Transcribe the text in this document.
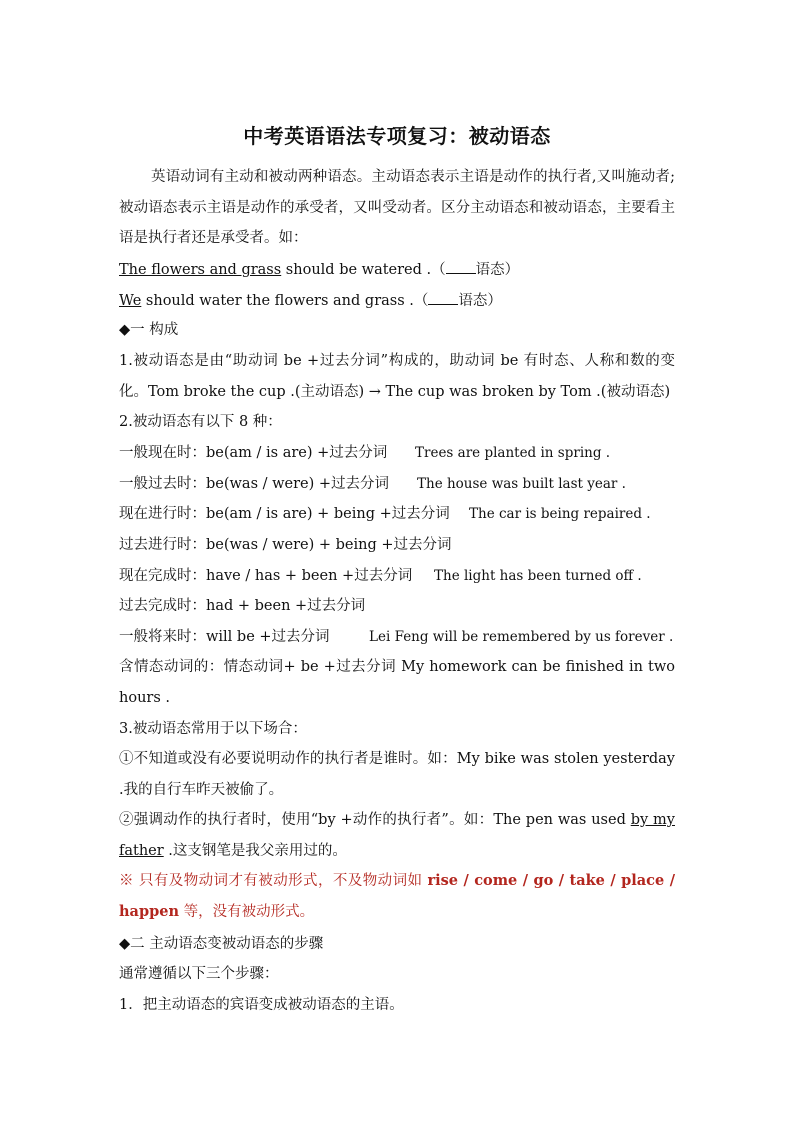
中考英语语法专项复习：被动语态
英语动词有主动和被动两种语态。主动语态表示主语是动作的执行者,又叫施动者;被动语态表示主语是动作的承受者，又叫受动者。区分主动语态和被动语态，主要看主语是执行者还是承受者。如：
The flowers and grass should be watered .（ 语态）
We should water the flowers and grass .（ 语态）
◆一 构成
1.被动语态是由“助动词 be +过去分词”构成的，助动词 be 有时态、人称和数的变化。Tom broke the cup .(主动语态) → The cup was broken by Tom .(被动语态)
2.被动语态有以下 8 种：
一般现在时：be(am / is are) +过去分词 Trees are planted in spring .
一般过去时：be(was / were) +过去分词 The house was built last year .
现在进行时：be(am / is are) + being +过去分词 The car is being repaired .
过去进行时：be(was / were) + being +过去分词
现在完成时：have / has + been +过去分词 The light has been turned off .
过去完成时：had + been +过去分词
一般将来时：will be +过去分词	Lei Feng will be remembered by us forever .
含情态动词的：情态动词+ be +过去分词 My homework can be finished in two hours .
3.被动语态常用于以下场合：
①不知道或没有必要说明动作的执行者是谁时。如：My bike was stolen yesterday .我的自行车昨天被偷了。
②强调动作的执行者时，使用“by +动作的执行者”。如：The pen was used by my father .这支钢笔是我父亲用过的。
※ 只有及物动词才有被动形式，不及物动词如 rise / come / go / take / place / happen 等，没有被动形式。
◆二 主动语态变被动语态的步骤
通常遵循以下三个步骤：
1．把主动语态的宾语变成被动语态的主语。
